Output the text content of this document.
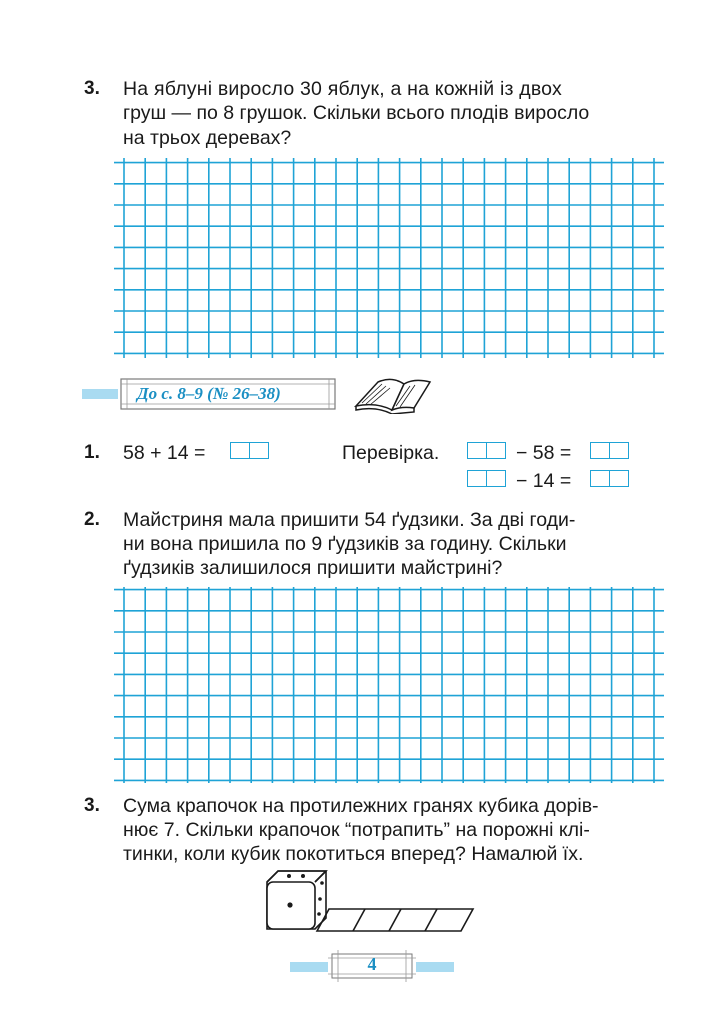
3. На яблуні виросло 30 яблук, а на кожній із двох
груш — по 8 грушок. Скільки всього плодів виросло
на трьох деревах?
До с. 8–9 (№ 26–38)
1. 58 + 14 =	Перевірка.	− 58 =
− 14 =
2. Майстриня мала пришити 54 ґудзики. За дві годи-
ни вона пришила по 9 ґудзиків за годину. Скільки
ґудзиків залишилося пришити майстрині?
3. Сума крапочок на протилежних гранях кубика дорів-
нює 7. Скільки крапочок “потрапить” на порожні клі-
тинки, коли кубик покотиться вперед? Намалюй їх.
4
